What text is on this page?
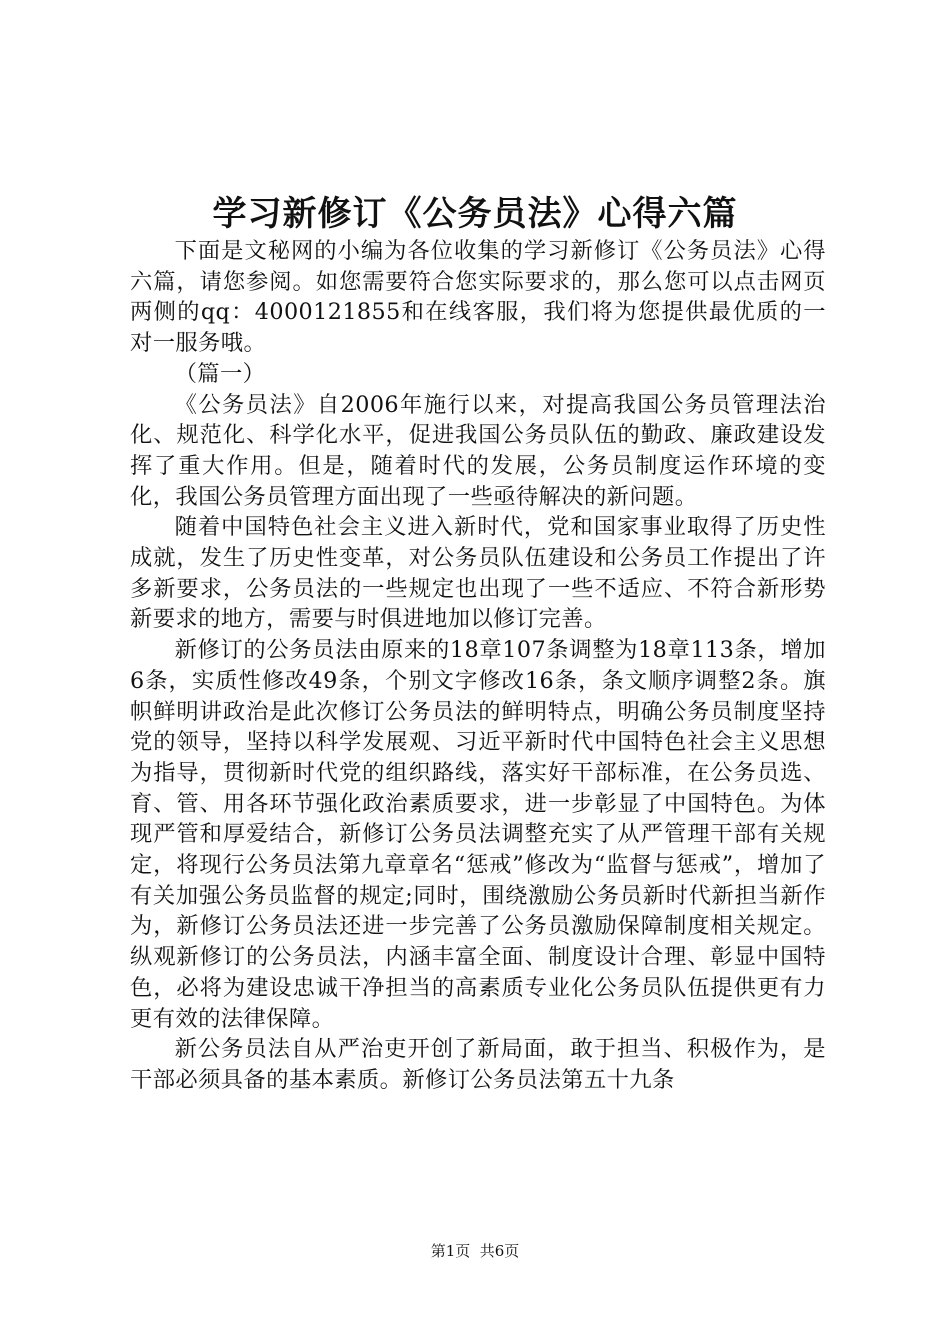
学习新修订《公务员法》心得六篇

下面是文秘网的小编为各位收集的学习新修订《公务员法》心得六篇，请您参阅。如您需要符合您实际要求的，那么您可以点击网页两侧的qq：4000121855和在线客服，我们将为您提供最优质的一对一服务哦。

（篇一）

《公务员法》自2006年施行以来，对提高我国公务员管理法治化、规范化、科学化水平，促进我国公务员队伍的勤政、廉政建设发挥了重大作用。但是，随着时代的发展，公务员制度运作环境的变化，我国公务员管理方面出现了一些亟待解决的新问题。

随着中国特色社会主义进入新时代，党和国家事业取得了历史性成就，发生了历史性变革，对公务员队伍建设和公务员工作提出了许多新要求，公务员法的一些规定也出现了一些不适应、不符合新形势新要求的地方，需要与时俱进地加以修订完善。

新修订的公务员法由原来的18章107条调整为18章113条，增加6条，实质性修改49条，个别文字修改16条，条文顺序调整2条。旗帜鲜明讲政治是此次修订公务员法的鲜明特点，明确公务员制度坚持党的领导，坚持以科学发展观、习近平新时代中国特色社会主义思想为指导，贯彻新时代党的组织路线，落实好干部标准，在公务员选、育、管、用各环节强化政治素质要求，进一步彰显了中国特色。为体现严管和厚爱结合，新修订公务员法调整充实了从严管理干部有关规定，将现行公务员法第九章章名“惩戒”修改为“监督与惩戒”，增加了有关加强公务员监督的规定;同时，围绕激励公务员新时代新担当新作为，新修订公务员法还进一步完善了公务员激励保障制度相关规定。纵观新修订的公务员法，内涵丰富全面、制度设计合理、彰显中国特色，必将为建设忠诚干净担当的高素质专业化公务员队伍提供更有力更有效的法律保障。

新公务员法自从严治吏开创了新局面，敢于担当、积极作为，是干部必须具备的基本素质。新修订公务员法第五十九条

第1页  共6页
